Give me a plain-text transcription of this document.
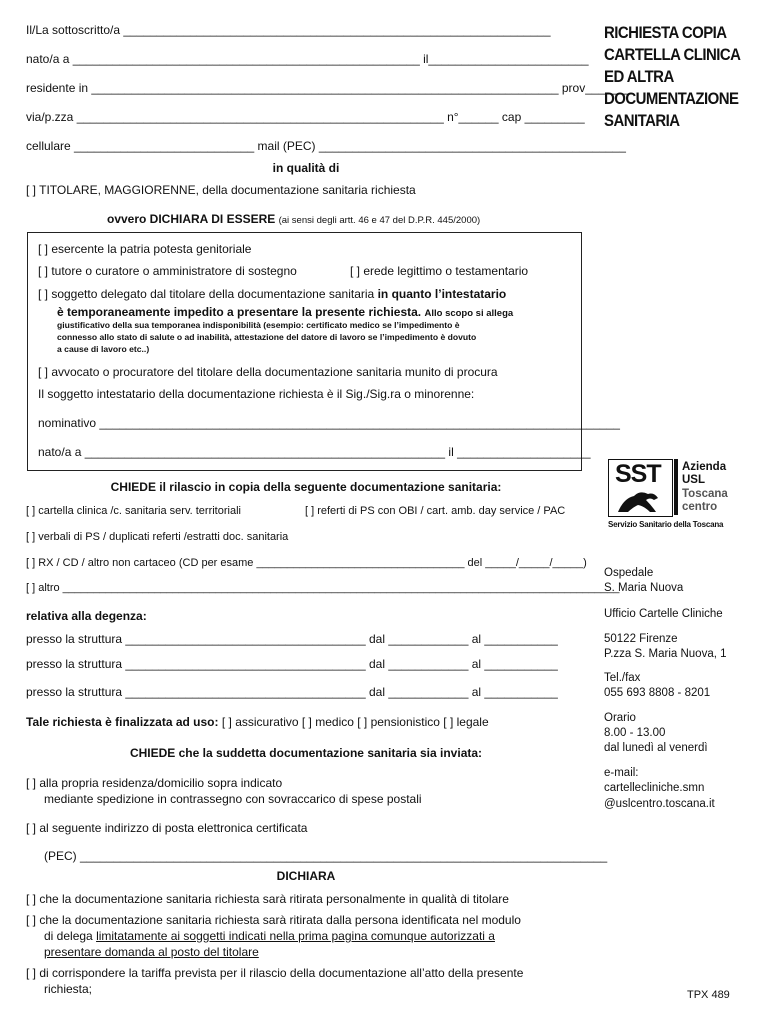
RICHIESTA COPIA
CARTELLA CLINICA
ED ALTRA
DOCUMENTAZIONE
SANITARIA
Il/La sottoscritto/a ________________________________________________________________
nato/a a ____________________________________________________ il________________________
residente in ______________________________________________________________________ prov_______
via/p.zza _______________________________________________________ n°______ cap _________
cellulare ___________________________ mail (PEC) ______________________________________________
in qualità di
[ ] TITOLARE, MAGGIORENNE, della documentazione sanitaria richiesta
ovvero DICHIARA DI ESSERE (ai sensi degli artt. 46 e 47 del D.P.R. 445/2000)
[ ] esercente la patria potesta genitoriale
[ ] tutore o curatore o amministratore di sostegno	[ ] erede legittimo o testamentario
[ ] soggetto delegato dal titolare della documentazione sanitaria in quanto l’intestatario
è temporaneamente impedito a presentare la presente richiesta. Allo scopo si allega
giustificativo della sua temporanea indisponibilità (esempio: certificato medico se l’impedimento è
connesso allo stato di salute o ad inabilità, attestazione del datore di lavoro se l’impedimento è dovuto
a cause di lavoro etc..)
[ ] avvocato o procuratore del titolare della documentazione sanitaria munito di procura
Il soggetto intestatario della documentazione richiesta è il Sig./Sig.ra o minorenne:
nominativo ______________________________________________________________________________
nato/a a ______________________________________________________ il ____________________
CHIEDE il rilascio in copia della seguente documentazione sanitaria:
[ ] cartella clinica /c. sanitaria serv. territoriali	[ ] referti di PS con OBI / cart. amb. day service / PAC
[ ] verbali di PS / duplicati referti /estratti doc. sanitaria
[ ] RX / CD / altro non cartaceo (CD per esame __________________________________ del _____/_____/_____)
[ ] altro ___________________________________________________________________________________________
relativa alla degenza:
presso la struttura ____________________________________ dal ____________ al ___________
presso la struttura ____________________________________ dal ____________ al ___________
presso la struttura ____________________________________ dal ____________ al ___________
Tale richiesta è finalizzata ad uso: [ ] assicurativo [ ] medico [ ] pensionistico [ ] legale
CHIEDE che la suddetta documentazione sanitaria sia inviata:
[ ] alla propria residenza/domicilio sopra indicato
mediante spedizione in contrassegno con sovraccarico di spese postali
[ ] al seguente indirizzo di posta elettronica certificata
(PEC) _______________________________________________________________________________
DICHIARA
[ ] che la documentazione sanitaria richiesta sarà ritirata personalmente in qualità di titolare
[ ] che la documentazione sanitaria richiesta sarà ritirata dalla persona identificata nel modulo
di delega limitatamente ai soggetti indicati nella prima pagina comunque autorizzati a
presentare domanda al posto del titolare
[ ] di corrispondere la tariffa prevista per il rilascio della documentazione all’atto della presente
richiesta;
SST Azienda
USL
Toscana
centro
Servizio Sanitario della Toscana
Ospedale
S. Maria Nuova
Ufficio Cartelle Cliniche
50122 Firenze
P.zza S. Maria Nuova, 1
Tel./fax
055 693 8808 - 8201
Orario
8.00 - 13.00
dal lunedì al venerdì
e-mail:
cartellecliniche.smn
@uslcentro.toscana.it
TPX 489
